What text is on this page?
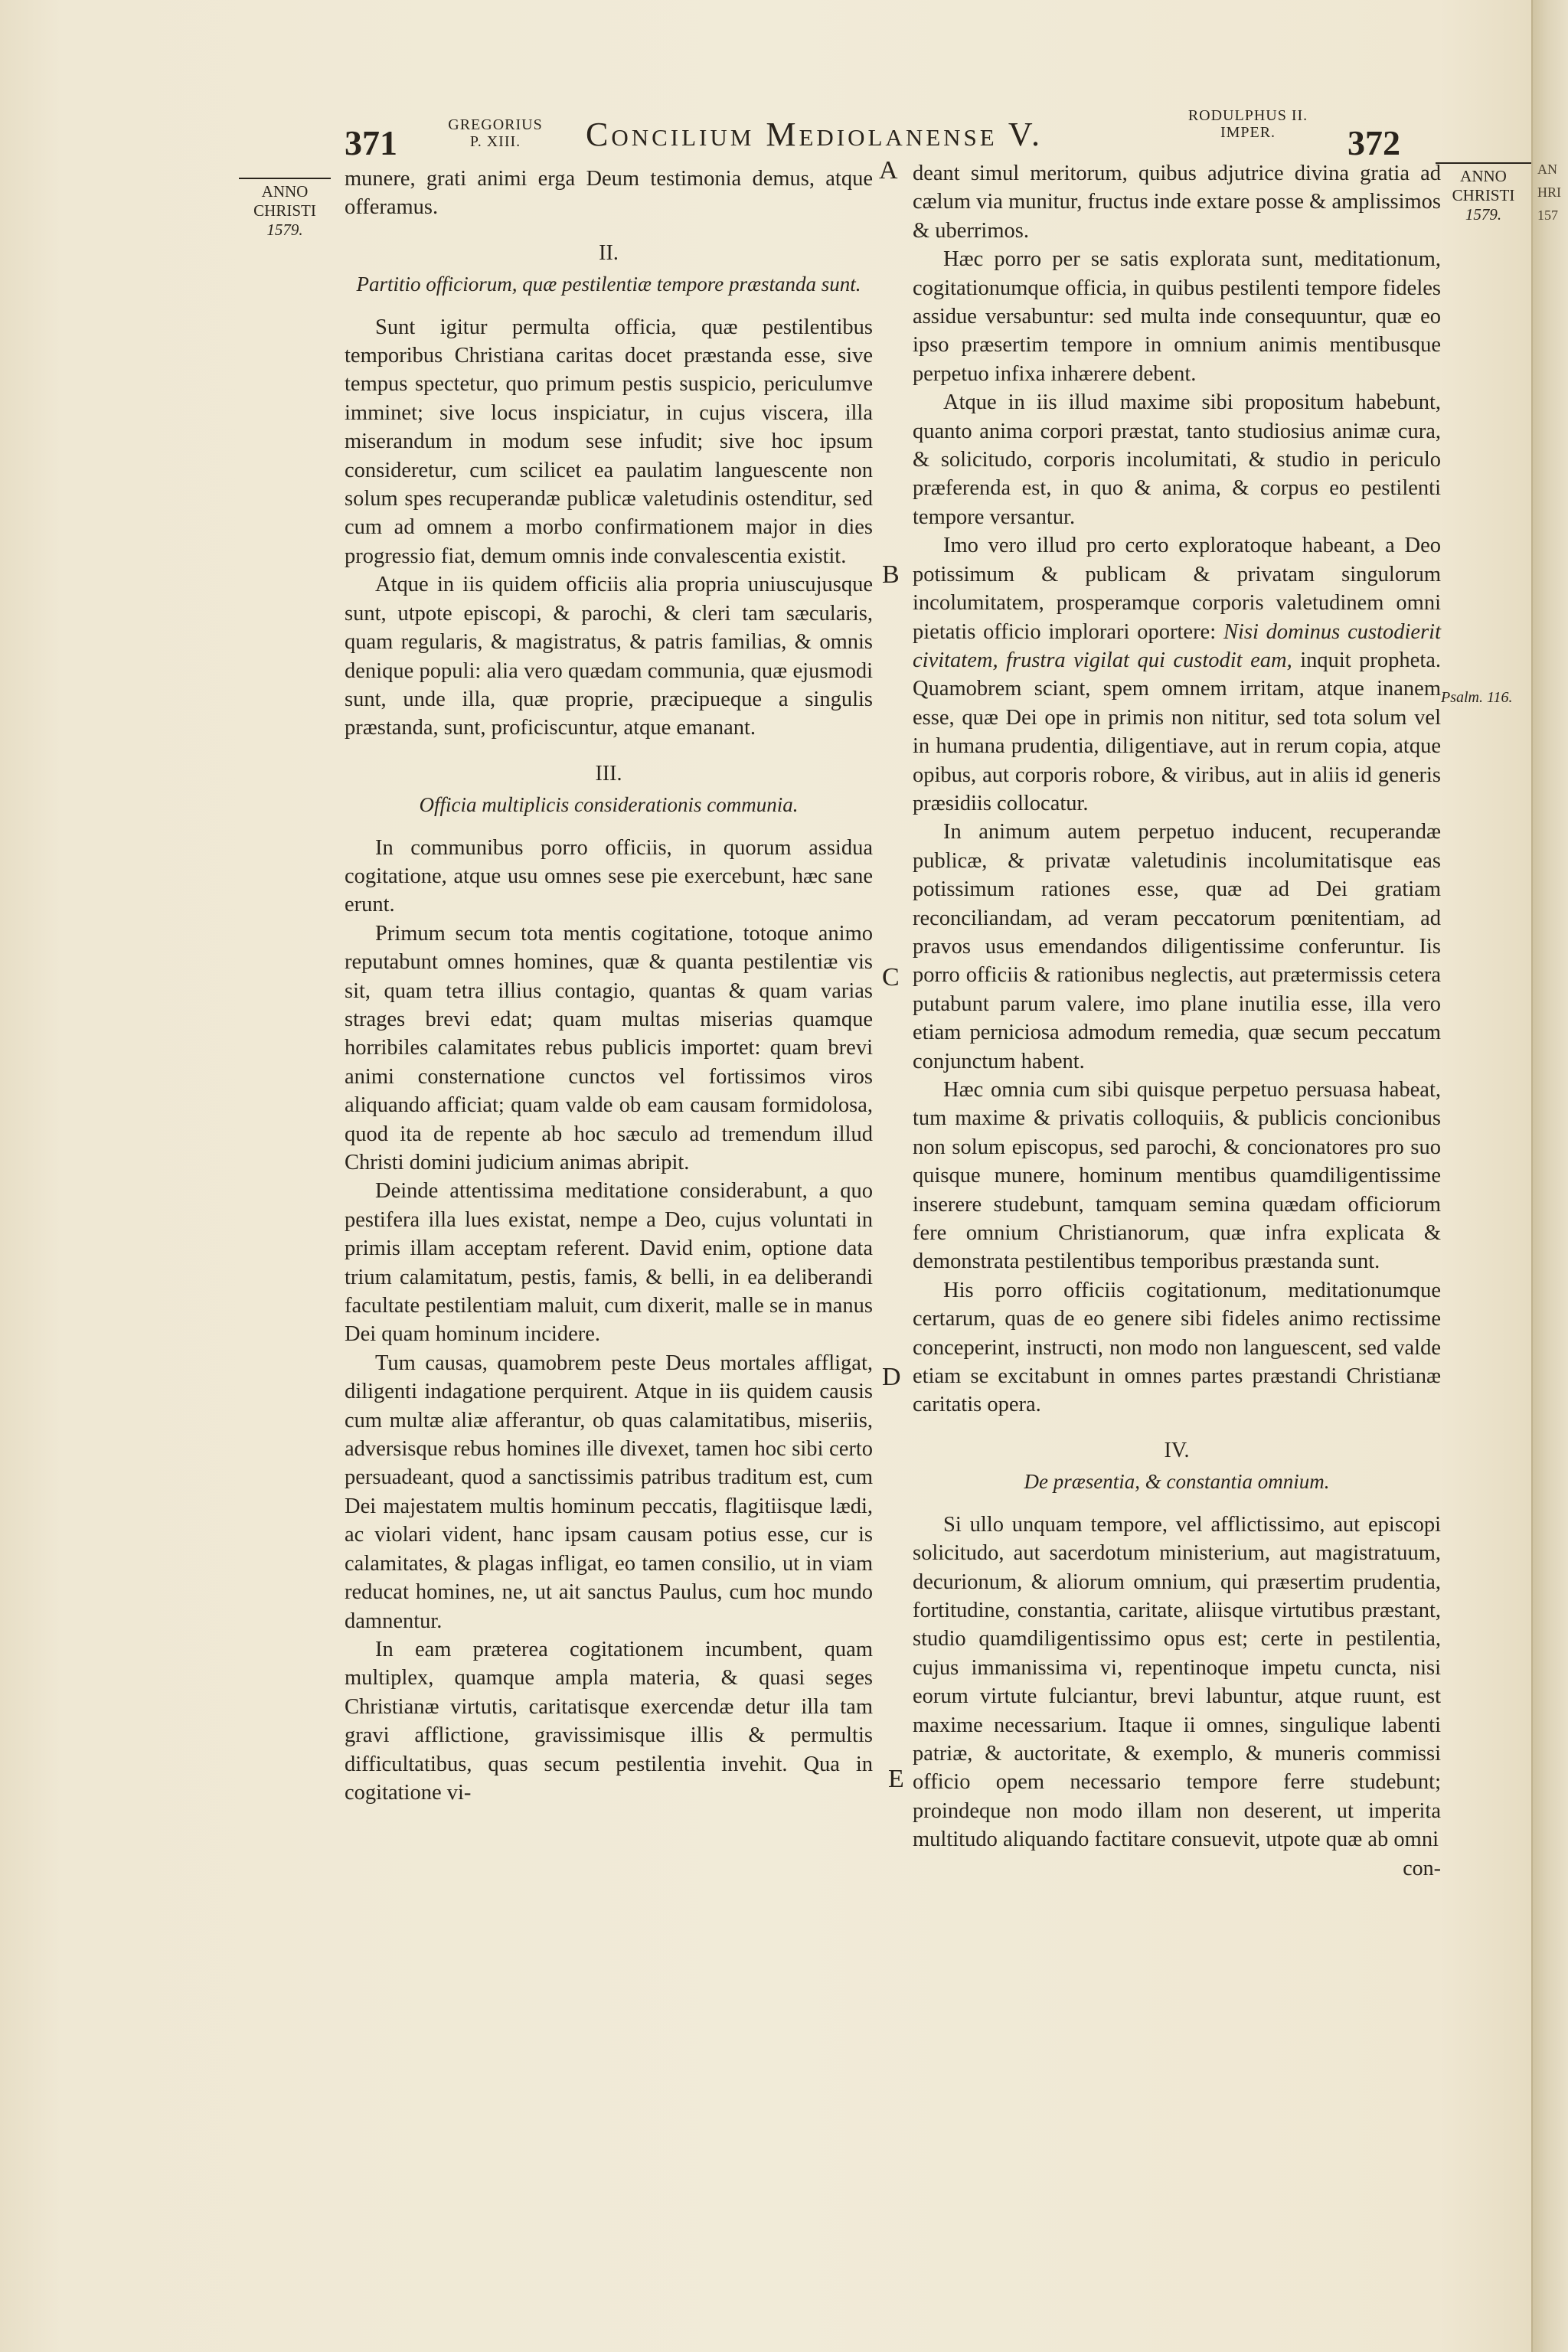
371	GREGORIUS
P. XIII.	Concilium Mediolanense V.	RODULPHUS II.
IMPER.	372
ANNO
CHRISTI
1579.
ANNO
CHRISTI
1579.
A
B
C
D
E
Psalm. 116.

munere, grati animi erga Deum testimonia demus, atque offeramus.

II.

Partitio officiorum, quæ pestilentiæ tempore præstanda sunt.

Sunt igitur permulta officia, quæ pestilentibus temporibus Christiana caritas docet præstanda esse, sive tempus spectetur, quo primum pestis suspicio, periculumve imminet; sive locus inspiciatur, in cujus viscera, illa miserandum in modum sese infudit; sive hoc ipsum consideretur, cum scilicet ea paulatim languescente non solum spes recuperandæ publicæ valetudinis ostenditur, sed cum ad omnem a morbo confirmationem major in dies progressio fiat, demum omnis inde convalescentia existit.

Atque in iis quidem officiis alia propria uniuscujusque sunt, utpote episcopi, & parochi, & cleri tam sæcularis, quam regularis, & magistratus, & patris familias, & omnis denique populi: alia vero quædam communia, quæ ejusmodi sunt, unde illa, quæ proprie, præcipueque a singulis præstanda, sunt, proficiscuntur, atque emanant.

III.

Officia multiplicis considerationis communia.

In communibus porro officiis, in quorum assidua cogitatione, atque usu omnes sese pie exercebunt, hæc sane erunt.

Primum secum tota mentis cogitatione, totoque animo reputabunt omnes homines, quæ & quanta pestilentiæ vis sit, quam tetra illius contagio, quantas & quam varias strages brevi edat; quam multas miserias quamque horribiles calamitates rebus publicis importet: quam brevi animi consternatione cunctos vel fortissimos viros aliquando afficiat; quam valde ob eam causam formidolosa, quod ita de repente ab hoc sæculo ad tremendum illud Christi domini judicium animas abripit.

Deinde attentissima meditatione considerabunt, a quo pestifera illa lues existat, nempe a Deo, cujus voluntati in primis illam acceptam referent. David enim, optione data trium calamitatum, pestis, famis, & belli, in ea deliberandi facultate pestilentiam maluit, cum dixerit, malle se in manus Dei quam hominum incidere.

Tum causas, quamobrem peste Deus mortales affligat, diligenti indagatione perquirent. Atque in iis quidem causis cum multæ aliæ afferantur, ob quas calamitatibus, miseriis, adversisque rebus homines ille divexet, tamen hoc sibi certo persuadeant, quod a sanctissimis patribus traditum est, cum Dei majestatem multis hominum peccatis, flagitiisque lædi, ac violari vident, hanc ipsam causam potius esse, cur is calamitates, & plagas infligat, eo tamen consilio, ut in viam reducat homines, ne, ut ait sanctus Paulus, cum hoc mundo damnentur.

In eam præterea cogitationem incumbent, quam multiplex, quamque ampla materia, & quasi seges Christianæ virtutis, caritatisque exercendæ detur illa tam gravi afflictione, gravissimisque illis & permultis difficultatibus, quas secum pestilentia invehit. Qua in cogitatione vi-

deant simul meritorum, quibus adjutrice divina gratia ad cælum via munitur, fructus inde extare posse & amplissimos & uberrimos.

Hæc porro per se satis explorata sunt, meditationum, cogitationumque officia, in quibus pestilenti tempore fideles assidue versabuntur: sed multa inde consequuntur, quæ eo ipso præsertim tempore in omnium animis mentibusque perpetuo infixa inhærere debent.

Atque in iis illud maxime sibi propositum habebunt, quanto anima corpori præstat, tanto studiosius animæ cura, & solicitudo, corporis incolumitati, & studio in periculo præferenda est, in quo & anima, & corpus eo pestilenti tempore versantur.

Imo vero illud pro certo exploratoque habeant, a Deo potissimum & publicam & privatam singulorum incolumitatem, prosperamque corporis valetudinem omni pietatis officio implorari oportere: Nisi dominus custodierit civitatem, frustra vigilat qui custodit eam, inquit propheta. Quamobrem sciant, spem omnem irritam, atque inanem esse, quæ Dei ope in primis non nititur, sed tota solum vel in humana prudentia, diligentiave, aut in rerum copia, atque opibus, aut corporis robore, & viribus, aut in aliis id generis præsidiis collocatur.

In animum autem perpetuo inducent, recuperandæ publicæ, & privatæ valetudinis incolumitatisque eas potissimum rationes esse, quæ ad Dei gratiam reconciliandam, ad veram peccatorum pœnitentiam, ad pravos usus emendandos diligentissime conferuntur. Iis porro officiis & rationibus neglectis, aut prætermissis cetera putabunt parum valere, imo plane inutilia esse, illa vero etiam perniciosa admodum remedia, quæ secum peccatum conjunctum habent.

Hæc omnia cum sibi quisque perpetuo persuasa habeat, tum maxime & privatis colloquiis, & publicis concionibus non solum episcopus, sed parochi, & concionatores pro suo quisque munere, hominum mentibus quamdiligentissime inserere studebunt, tamquam semina quædam officiorum fere omnium Christianorum, quæ infra explicata & demonstrata pestilentibus temporibus præstanda sunt.

His porro officiis cogitationum, meditationumque certarum, quas de eo genere sibi fideles animo rectissime conceperint, instructi, non modo non languescent, sed valde etiam se excitabunt in omnes partes præstandi Christianæ caritatis opera.

IV.

De præsentia, & constantia omnium.

Si ullo unquam tempore, vel afflictissimo, aut episcopi solicitudo, aut sacerdotum ministerium, aut magistratuum, decurionum, & aliorum omnium, qui præsertim prudentia, fortitudine, constantia, caritate, aliisque virtutibus præstant, studio quamdiligentissimo opus est; certe in pestilentia, cujus immanissima vi, repentinoque impetu cuncta, nisi eorum virtute fulciantur, brevi labuntur, atque ruunt, est maxime necessarium. Itaque ii omnes, singulique labenti patriæ, & auctoritate, & exemplo, & muneris commissi officio opem necessario tempore ferre studebunt; proindeque non modo illam non deserent, ut imperita multitudo aliquando factitare consuevit, utpote quæ ab omni

con-

AN
HRI
157
